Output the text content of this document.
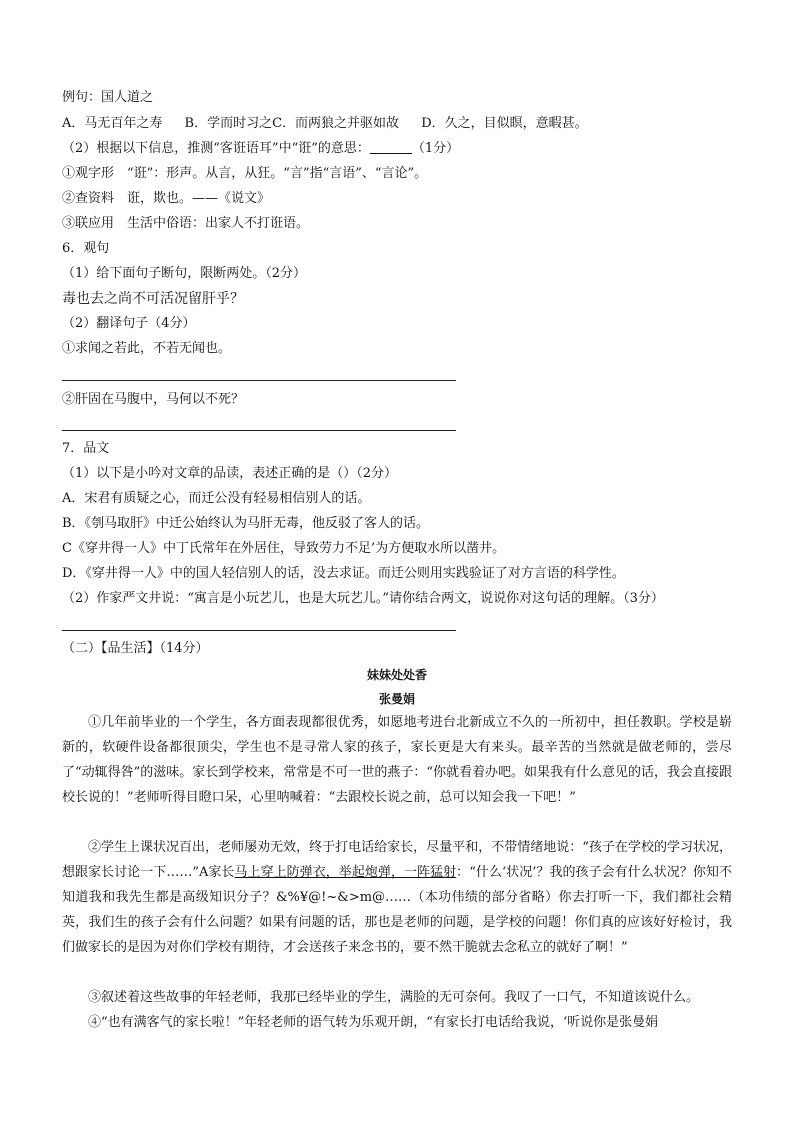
例句：国人道之
A．马无百年之寿 B．学而时习之C．而两狼之并驱如故 D．久之，目似瞑，意暇甚。
（2）根据以下信息，推测“客诳语耳”中“诳”的意思：	（1分）
①观字形　“诳”：形声。从言，从狂。“言”指“言语”、“言论”。
②查资料　诳，欺也。——《说文》
③联应用　生活中俗语：出家人不打诳语。
6．观句
（1）给下面句子断句，限断两处。（2分）
毒也去之尚不可活况留肝乎？
（2）翻译句子（4分）
①求闻之若此，不若无闻也。
②肝固在马腹中，马何以不死？
7．品文
（1）以下是小吟对文章的品读，表述正确的是（）（2分）
A．宋君有质疑之心，而迁公没有轻易相信别人的话。
B．《刳马取肝》中迁公始终认为马肝无毒，他反驳了客人的话。
C《穿井得一人》中丁氏常年在外居住，导致劳力不足’为方便取水所以凿井。
D．《穿井得一人》中的国人轻信别人的话，没去求证。而迁公则用实践验证了对方言语的科学性。
（2）作家严文井说：“寓言是小玩艺儿，也是大玩艺儿。”请你结合两文，说说你对这句话的理解。（3分）
（二）【品生活】（14分）
妹妹处处香
张曼娟
①几年前毕业的一个学生，各方面表现都很优秀，如愿地考进台北新成立不久的一所初中，担任教职。学校是崭新的，软硬件设备都很顶尖，学生也不是寻常人家的孩子，家长更是大有来头。最辛苦的当然就是做老师的，尝尽了“动辄得咎”的滋味。家长到学校来，常常是不可一世的燕子：“你就看着办吧。如果我有什么意见的话，我会直接跟校长说的！”老师听得目瞪口呆，心里呐喊着：“去跟校长说之前，总可以知会我一下吧！”
②学生上课状况百出，老师屡劝无效，终于打电话给家长，尽量平和，不带情绪地说：“孩子在学校的学习状况，想跟家长讨论一下……”A家长马上穿上防弹衣，举起炮弹，一阵猛射：“什么‘状况’？我的孩子会有什么状况？你知不知道我和我先生都是高级知识分子？&%¥@!~&>m@……（本功伟绩的部分省略）你去打听一下，我们都社会精英，我们生的孩子会有什么问题？如果有问题的话，那也是老师的问题，是学校的问题！你们真的应该好好检讨，我们做家长的是因为对你们学校有期待，才会送孩子来念书的，要不然干脆就去念私立的就好了啊！”
③叙述着这些故事的年轻老师，我那已经毕业的学生，满脸的无可奈何。我叹了一口气，不知道该说什么。
④“也有满客气的家长啦！”年轻老师的语气转为乐观开朗，“有家长打电话给我说，‘听说你是张曼娟
